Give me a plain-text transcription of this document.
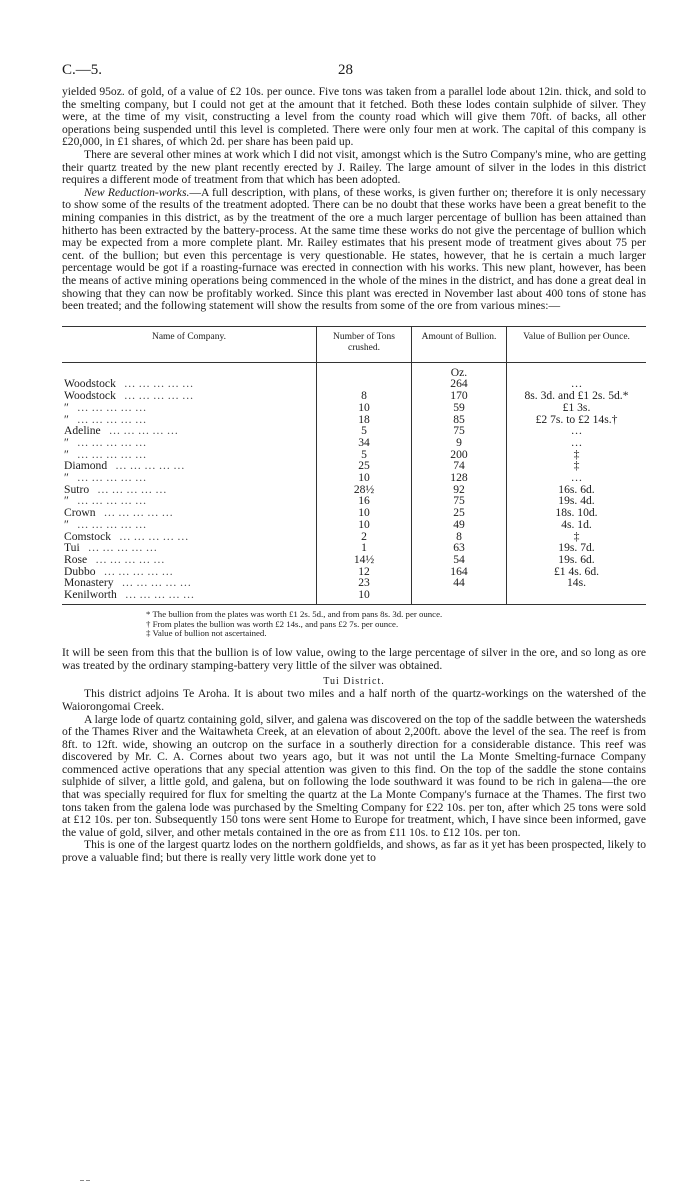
C.—5.	28

yielded 95oz. of gold, of a value of £2 10s. per ounce. Five tons was taken from a parallel lode about 12in. thick, and sold to the smelting company, but I could not get at the amount that it fetched. Both these lodes contain sulphide of silver. They were, at the time of my visit, constructing a level from the county road which will give them 70ft. of backs, all other operations being suspended until this level is completed. There were only four men at work. The capital of this company is £20,000, in £1 shares, of which 2d. per share has been paid up.

There are several other mines at work which I did not visit, amongst which is the Sutro Company's mine, who are getting their quartz treated by the new plant recently erected by J. Railey. The large amount of silver in the lodes in this district requires a different mode of treatment from that which has been adopted.

New Reduction-works.—A full description, with plans, of these works, is given further on; therefore it is only necessary to show some of the results of the treatment adopted. There can be no doubt that these works have been a great benefit to the mining companies in this district, as by the treatment of the ore a much larger percentage of bullion has been attained than hitherto has been extracted by the battery-process. At the same time these works do not give the percentage of bullion which may be expected from a more complete plant. Mr. Railey estimates that his present mode of treatment gives about 75 per cent. of the bullion; but even this percentage is very questionable. He states, however, that he is certain a much larger percentage would be got if a roasting-furnace was erected in connection with his works. This new plant, however, has been the means of active mining operations being commenced in the whole of the mines in the district, and has done a great deal in showing that they can now be profitably worked. Since this plant was erected in November last about 400 tons of stone has been treated; and the following statement will show the results from some of the ore from various mines:—

Name of Company.	Number of Tons crushed.	Amount of Bullion.	Value of Bullion per Ounce.
		Oz.	
Woodstock … … … … …		264	…
Woodstock … … … … …	8	170	8s. 3d. and £1 2s. 5d.*
″ … … … … …	10	59	£1 3s.
″ … … … … …	18	85	£2 7s. to £2 14s.†
Adeline … … … … …	5	75	…
″ … … … … …	34	9	…
″ … … … … …	5	200	‡
Diamond … … … … …	25	74	‡
″ … … … … …	10	128	…
Sutro … … … … …	28½	92	16s. 6d.
″ … … … … …	16	75	19s. 4d.
Crown … … … … …	10	25	18s. 10d.
″ … … … … …	10	49	4s. 1d.
Comstock … … … … …	2	8	‡
Tui … … … … …	1	63	19s. 7d.
Rose … … … … …	14½	54	19s. 6d.
Dubbo … … … … …	12	164	£1 4s. 6d.
Monastery … … … … …	23	44	14s.
Kenilworth … … … … …	10		
* The bullion from the plates was worth £1 2s. 5d., and from pans 8s. 3d. per ounce.
† From plates the bullion was worth £2 14s., and pans £2 7s. per ounce.
‡ Value of bullion not ascertained.

It will be seen from this that the bullion is of low value, owing to the large percentage of silver in the ore, and so long as ore was treated by the ordinary stamping-battery very little of the silver was obtained.

Tui District.

This district adjoins Te Aroha. It is about two miles and a half north of the quartz-workings on the watershed of the Waiorongomai Creek.

A large lode of quartz containing gold, silver, and galena was discovered on the top of the saddle between the watersheds of the Thames River and the Waitawheta Creek, at an elevation of about 2,200ft. above the level of the sea. The reef is from 8ft. to 12ft. wide, showing an outcrop on the surface in a southerly direction for a considerable distance. This reef was discovered by Mr. C. A. Cornes about two years ago, but it was not until the La Monte Smelting-furnace Company commenced active operations that any special attention was given to this find. On the top of the saddle the stone contains sulphide of silver, a little gold, and galena, but on following the lode southward it was found to be rich in galena—the ore that was specially required for flux for smelting the quartz at the La Monte Company's furnace at the Thames. The first two tons taken from the galena lode was purchased by the Smelting Company for £22 10s. per ton, after which 25 tons were sold at £12 10s. per ton. Subsequently 150 tons were sent Home to Europe for treatment, which, I have since been informed, gave the value of gold, silver, and other metals contained in the ore as from £11 10s. to £12 10s. per ton.

This is one of the largest quartz lodes on the northern goldfields, and shows, as far as it yet has been prospected, likely to prove a valuable find; but there is really very little work done yet to
